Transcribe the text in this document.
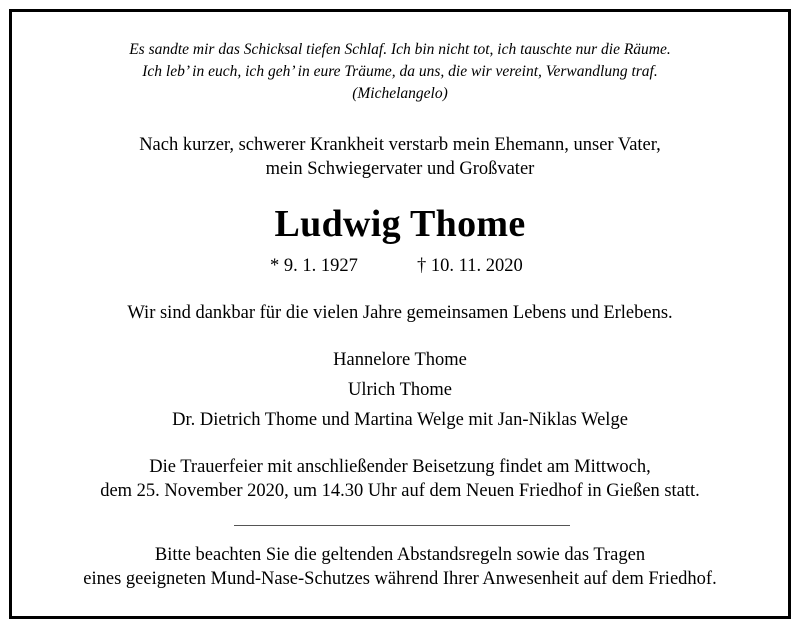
Es sandte mir das Schicksal tiefen Schlaf. Ich bin nicht tot, ich tauschte nur die Räume.
Ich leb’ in euch, ich geh’ in eure Träume, da uns, die wir vereint, Verwandlung traf.
(Michelangelo)
Nach kurzer, schwerer Krankheit verstarb mein Ehemann, unser Vater,
mein Schwiegervater und Großvater
Ludwig Thome
* 9. 1. 1927	† 10. 11. 2020
Wir sind dankbar für die vielen Jahre gemeinsamen Lebens und Erlebens.
Hannelore Thome
Ulrich Thome
Dr. Dietrich Thome und Martina Welge mit Jan-Niklas Welge
Die Trauerfeier mit anschließender Beisetzung findet am Mittwoch,
dem 25. November 2020, um 14.30 Uhr auf dem Neuen Friedhof in Gießen statt.
Bitte beachten Sie die geltenden Abstandsregeln sowie das Tragen
eines geeigneten Mund-Nase-Schutzes während Ihrer Anwesenheit auf dem Friedhof.
